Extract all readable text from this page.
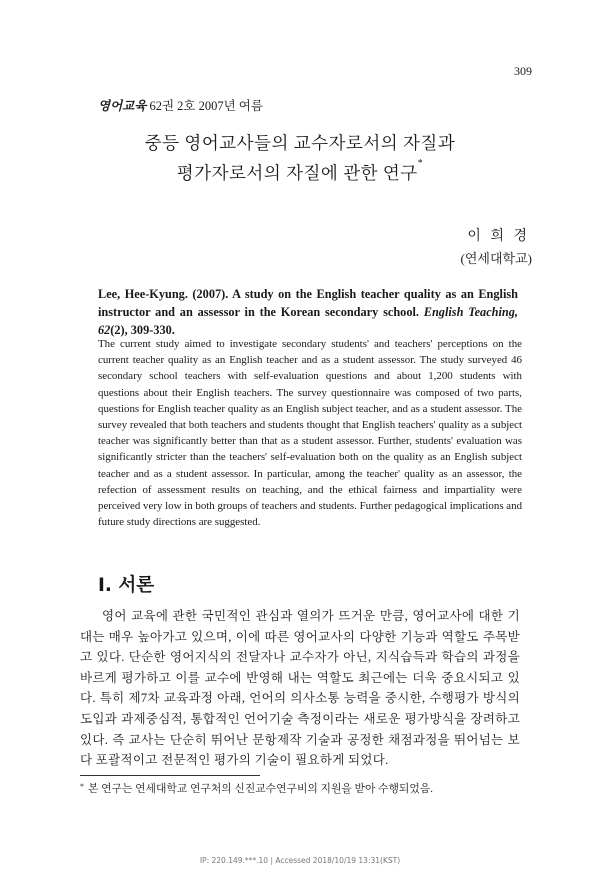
309
영어교육 62권 2호 2007년 여름
중등 영어교사들의 교수자로서의 자질과
평가자로서의 자질에 관한 연구*
이 희 경
(연세대학교)
Lee, Hee-Kyung. (2007). A study on the English teacher quality as an English instructor and an assessor in the Korean secondary school. English Teaching, 62(2), 309-330.
The current study aimed to investigate secondary students' and teachers' perceptions on the current teacher quality as an English teacher and as a student assessor. The study surveyed 46 secondary school teachers with self-evaluation questions and about 1,200 students with questions about their English teachers. The survey questionnaire was composed of two parts, questions for English teacher quality as an English subject teacher, and as a student assessor. The survey revealed that both teachers and students thought that English teachers' quality as a subject teacher was significantly better than that as a student assessor. Further, students' evaluation was significantly stricter than the teachers' self-evaluation both on the quality as an English subject teacher and as a student assessor. In particular, among the teacher' quality as an assessor, the refection of assessment results on teaching, and the ethical fairness and impartiality were perceived very low in both groups of teachers and students. Further pedagogical implications and future study directions are suggested.
I. 서론
영어 교육에 관한 국민적인 관심과 열의가 뜨거운 만큼, 영어교사에 대한 기대는 매우 높아가고 있으며, 이에 따른 영어교사의 다양한 기능과 역할도 주목받고 있다. 단순한 영어지식의 전달자나 교수자가 아닌, 지식습득과 학습의 과정을 바르게 평가하고 이를 교수에 반영해 내는 역할도 최근에는 더욱 중요시되고 있다. 특히 제7차 교육과정 아래, 언어의 의사소통 능력을 중시한, 수행평가 방식의 도입과 과제중심적, 통합적인 언어기술 측정이라는 새로운 평가방식을 장려하고 있다. 즉 교사는 단순히 뛰어난 문항제작 기술과 공정한 채점과정을 뛰어넘는 보다 포괄적이고 전문적인 평가의 기술이 필요하게 되었다.
* 본 연구는 연세대학교 연구처의 신진교수연구비의 지원을 받아 수행되었음.
IP: 220.149.***.10 | Accessed 2018/10/19 13:31(KST)
